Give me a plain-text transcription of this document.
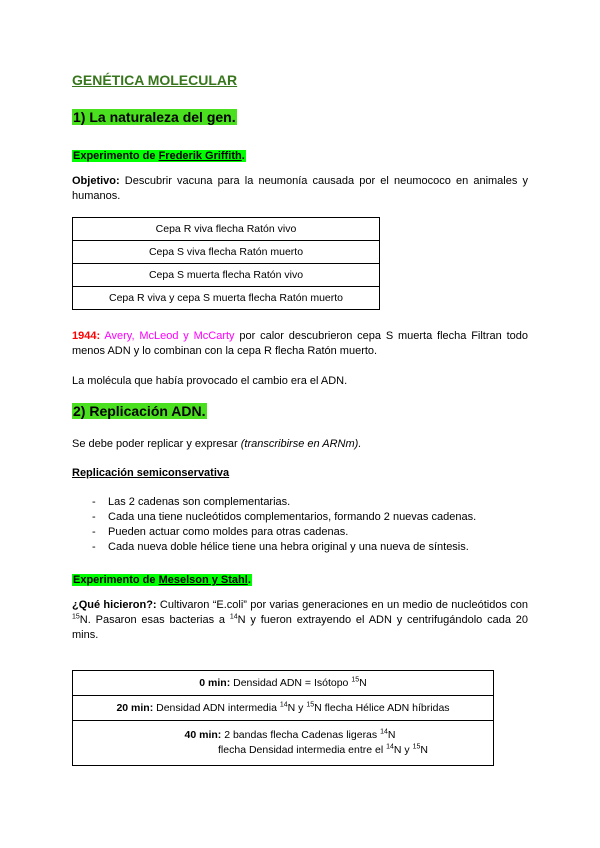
GENÉTICA MOLECULAR
1) La naturaleza del gen.
Experimento de Frederik Griffith.
Objetivo: Descubrir vacuna para la neumonía causada por el neumococo en animales y humanos.
Cepa R viva flecha Ratón vivo
Cepa S viva flecha Ratón muerto
Cepa S muerta flecha Ratón vivo
Cepa R viva y cepa S muerta flecha Ratón muerto
1944: Avery, McLeod y McCarty por calor descubrieron cepa S muerta flecha Filtran todo menos ADN y lo combinan con la cepa R flecha Ratón muerto.
La molécula que había provocado el cambio era el ADN.
2) Replicación ADN.
Se debe poder replicar y expresar (transcribirse en ARNm).
Replicación semiconservativa
- Las 2 cadenas son complementarias.
- Cada una tiene nucleótidos complementarios, formando 2 nuevas cadenas.
- Pueden actuar como moldes para otras cadenas.
- Cada nueva doble hélice tiene una hebra original y una nueva de síntesis.
Experimento de Meselson y Stahl.
¿Qué hicieron?: Cultivaron “E.coli” por varias generaciones en un medio de nucleótidos con $^{15}$N. Pasaron esas bacterias a $^{14}$N y fueron extrayendo el ADN y centrifugándolo cada 20 mins.
0 min: Densidad ADN = Isótopo $^{15}$N
20 min: Densidad ADN intermedia $^{14}$N y $^{15}$N flecha Hélice ADN híbridas

40 min: 2 bandas flecha Cadenas ligeras $^{14}$N
flecha Densidad intermedia entre el $^{14}$N y $^{15}$N
